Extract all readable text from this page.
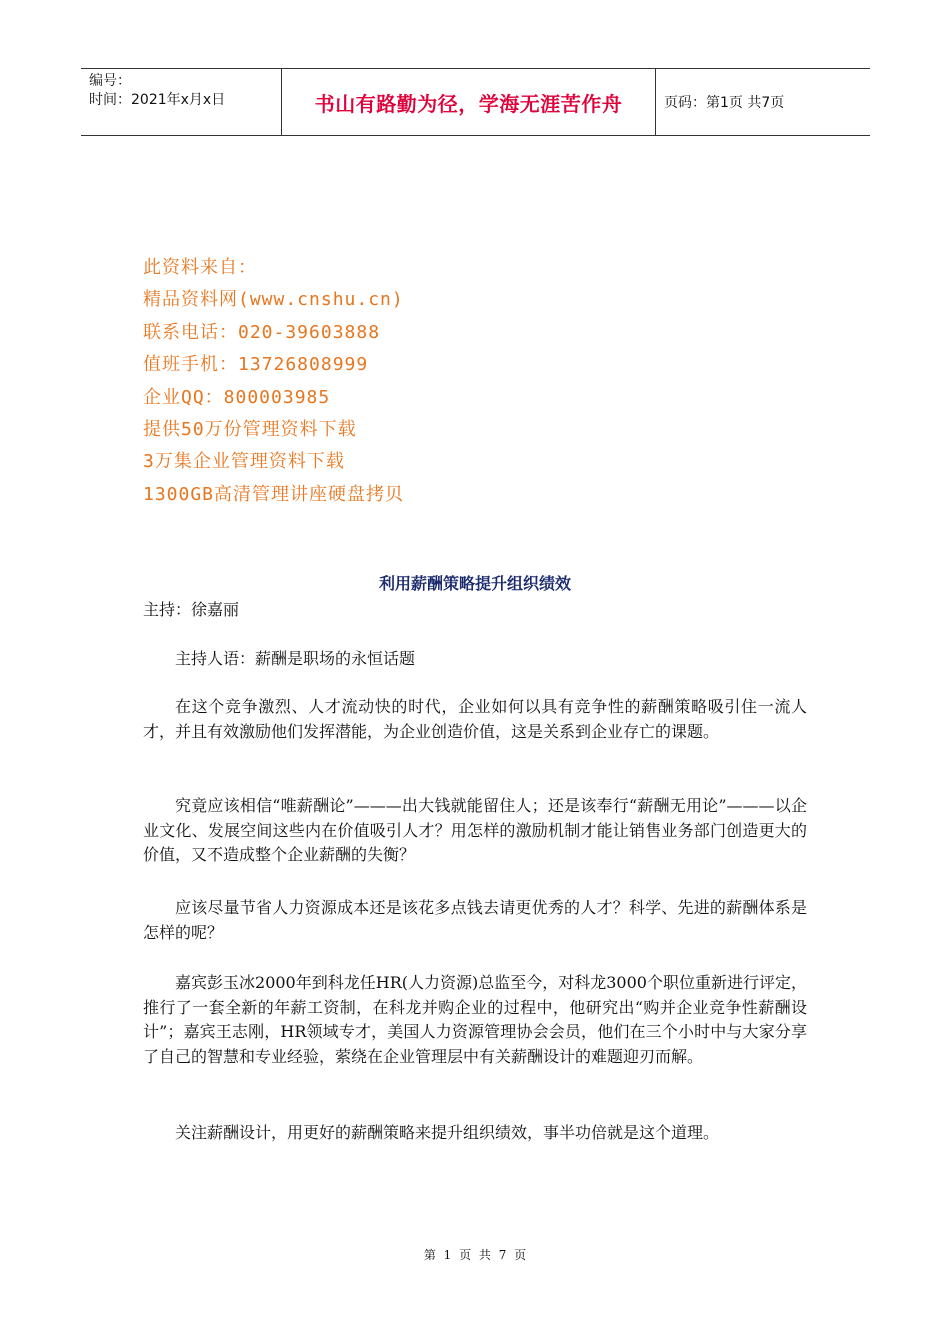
编号：
时间：2021年x月x日	书山有路勤为径，学海无涯苦作舟	页码：第1页 共7页
此资料来自：
精品资料网(www.cnshu.cn)
联系电话：020-39603888
值班手机：13726808999
企业QQ：800003985
提供50万份管理资料下载
3万集企业管理资料下载
1300GB高清管理讲座硬盘拷贝
利用薪酬策略提升组织绩效
主持：徐嘉丽
主持人语：薪酬是职场的永恒话题
在这个竞争激烈、人才流动快的时代，企业如何以具有竞争性的薪酬策略吸引住一流人才，并且有效激励他们发挥潜能，为企业创造价值，这是关系到企业存亡的课题。
究竟应该相信“唯薪酬论”———出大钱就能留住人；还是该奉行“薪酬无用论”———以企业文化、发展空间这些内在价值吸引人才？用怎样的激励机制才能让销售业务部门创造更大的价值，又不造成整个企业薪酬的失衡？
应该尽量节省人力资源成本还是该花多点钱去请更优秀的人才？科学、先进的薪酬体系是怎样的呢？
嘉宾彭玉冰2000年到科龙任HR(人力资源)总监至今，对科龙3000个职位重新进行评定，推行了一套全新的年薪工资制，在科龙并购企业的过程中，他研究出“购并企业竞争性薪酬设计”；嘉宾王志刚，HR领域专才，美国人力资源管理协会会员，他们在三个小时中与大家分享了自己的智慧和专业经验，萦绕在企业管理层中有关薪酬设计的难题迎刃而解。
关注薪酬设计，用更好的薪酬策略来提升组织绩效，事半功倍就是这个道理。
第 1 页 共 7 页
